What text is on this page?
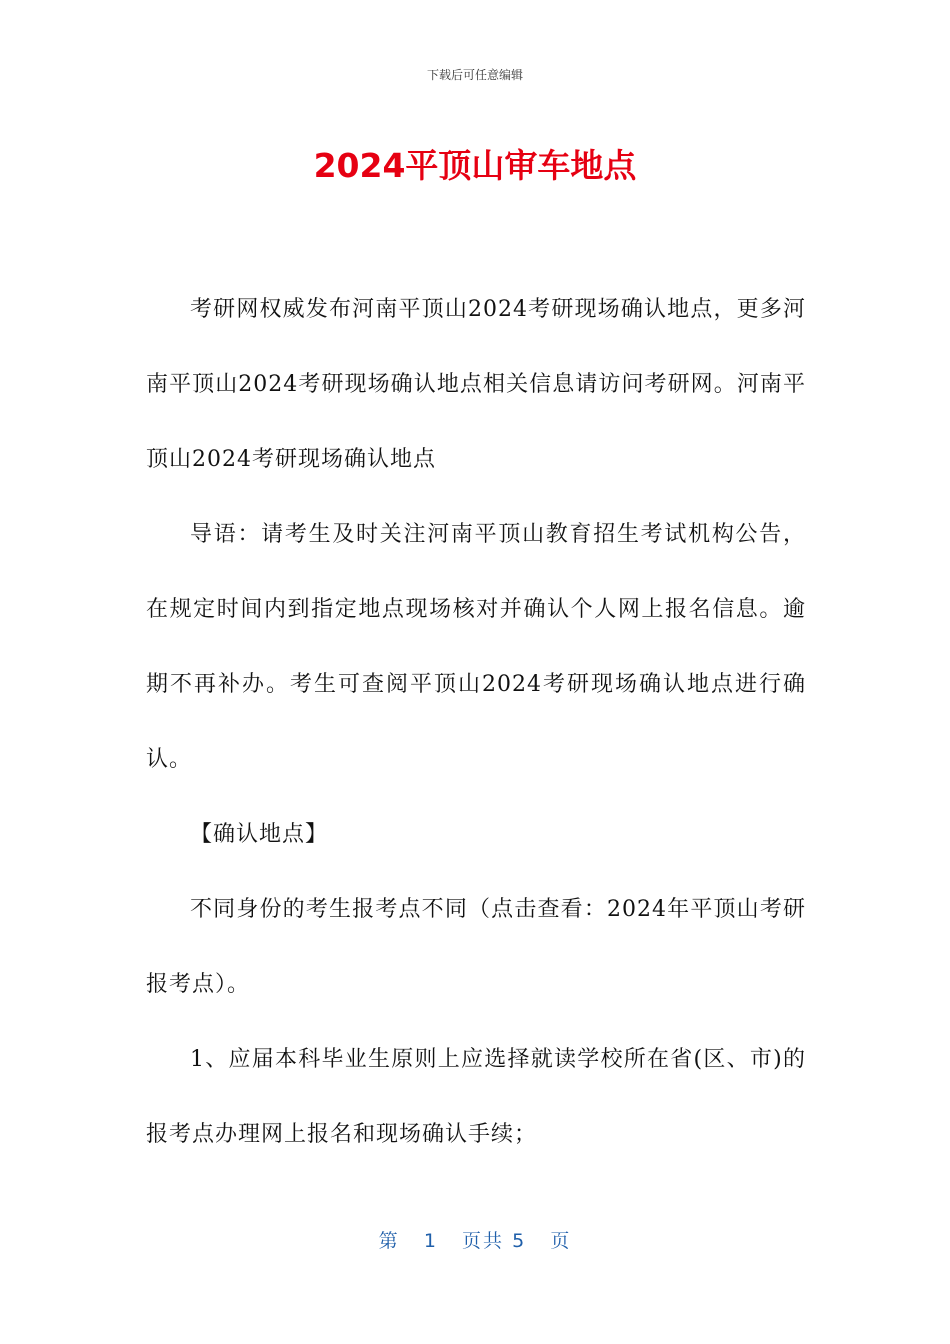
下载后可任意编辑
2024平顶山审车地点

考研网权威发布河南平顶山2024考研现场确认地点，更多河南平顶山2024考研现场确认地点相关信息请访问考研网。河南平顶山2024考研现场确认地点

导语：请考生及时关注河南平顶山教育招生考试机构公告，在规定时间内到指定地点现场核对并确认个人网上报名信息。逾期不再补办。考生可查阅平顶山2024考研现场确认地点进行确认。

【确认地点】

不同身份的考生报考点不同（点击查看：2024年平顶山考研报考点）。

1、应届本科毕业生原则上应选择就读学校所在省(区、市)的报考点办理网上报名和现场确认手续；

第 1 页共 5 页
